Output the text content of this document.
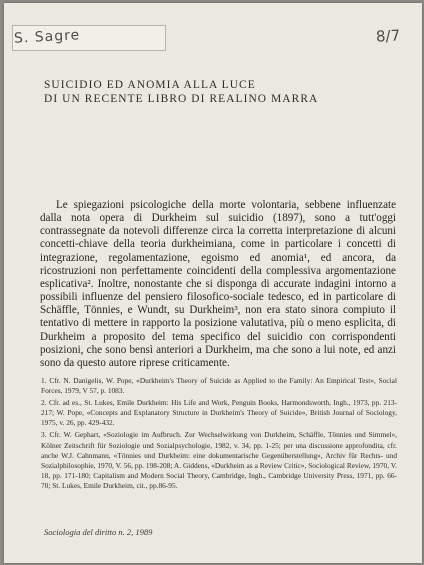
S. Sagre	8/7
SUICIDIO ED ANOMIA ALLA LUCE
DI UN RECENTE LIBRO DI REALINO MARRA

Le spiegazioni psicologiche della morte volontaria, sebbene influenzate dalla nota opera di Durkheim sul suicidio (1897), sono a tutt'oggi contrassegnate da notevoli differenze circa la corretta interpretazione di alcuni concetti-chiave della teoria durkheimiana, come in particolare i concetti di integrazione, regolamentazione, egoismo ed anomia¹, ed ancora, da ricostruzioni non perfettamente coincidenti della complessiva argomentazione esplicativa². Inoltre, nonostante che si disponga di accurate indagini intorno a possibili influenze del pensiero filosofico-sociale tedesco, ed in particolare di Schäffle, Tönnies, e Wundt, su Durkheim³, non era stato sinora compiuto il tentativo di mettere in rapporto la posizione valutativa, più o meno esplicita, di Durkheim a proposito del tema specifico del suicidio con corrispondenti posizioni, che sono bensì anteriori a Durkheim, ma che sono a lui note, ed anzi sono da questo autore riprese criticamente.

1. Cfr. N. Danigelis, W. Pope, «Durkheim's Theory of Suicide as Applied to the Family: An Empirical Test», Social Forces, 1979, V 57, p. 1083.
2. Cfr. ad es., St. Lukes, Emile Durkheim: His Life and Work, Penguin Books, Harmondsworth, Ingh., 1973, pp. 213-217; W. Pope, «Concepts and Explanatory Structure in Durkheim's Theory of Suicide», British Journal of Sociology, 1975, v. 26, pp. 429-432.
3. Cfr. W. Gephart, «Soziologie im Aufbruch. Zur Wechselwirkung von Durkheim, Schäffle, Tönnies und Simmel», Kölner Zeitschrift für Soziologie und Sozialpsychologie, 1982, v. 34, pp. 1-25; per una discussione approfondita, cfr. anche W.J. Cahnmann, «Tönnies und Durkheim: eine dokumentarische Gegenüberstellung», Archiv für Rechts- und Sozialphilosophie, 1970, V. 56, pp. 198-208; A. Giddens, «Durkheim as a Review Critic», Sociological Review, 1970, V. 18, pp. 171-180; Capitalism and Modern Social Theory, Cambridge, Ingh., Cambridge University Press, 1971, pp. 66-70; St. Lukes, Emile Durkheim, cit., pp.86-95.
Sociologia del diritto n. 2, 1989
